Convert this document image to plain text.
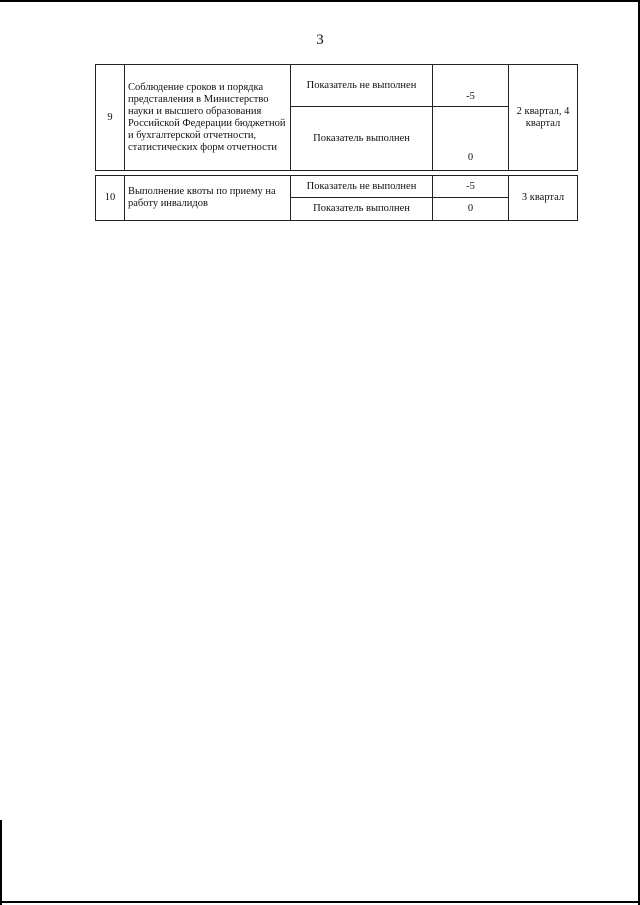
3
9	Соблюдение сроков и порядка представления в Министерство науки и высшего образования Российской Федерации бюджетной и бухгалтерской отчетности, статистических форм отчетности	Показатель не выполнен	-5	2 квартал, 4 квартал
		Показатель выполнен	0	

10	Выполнение квоты по приему на работу инвалидов	Показатель не выполнен	-5	3 квартал
		Показатель выполнен	0	
